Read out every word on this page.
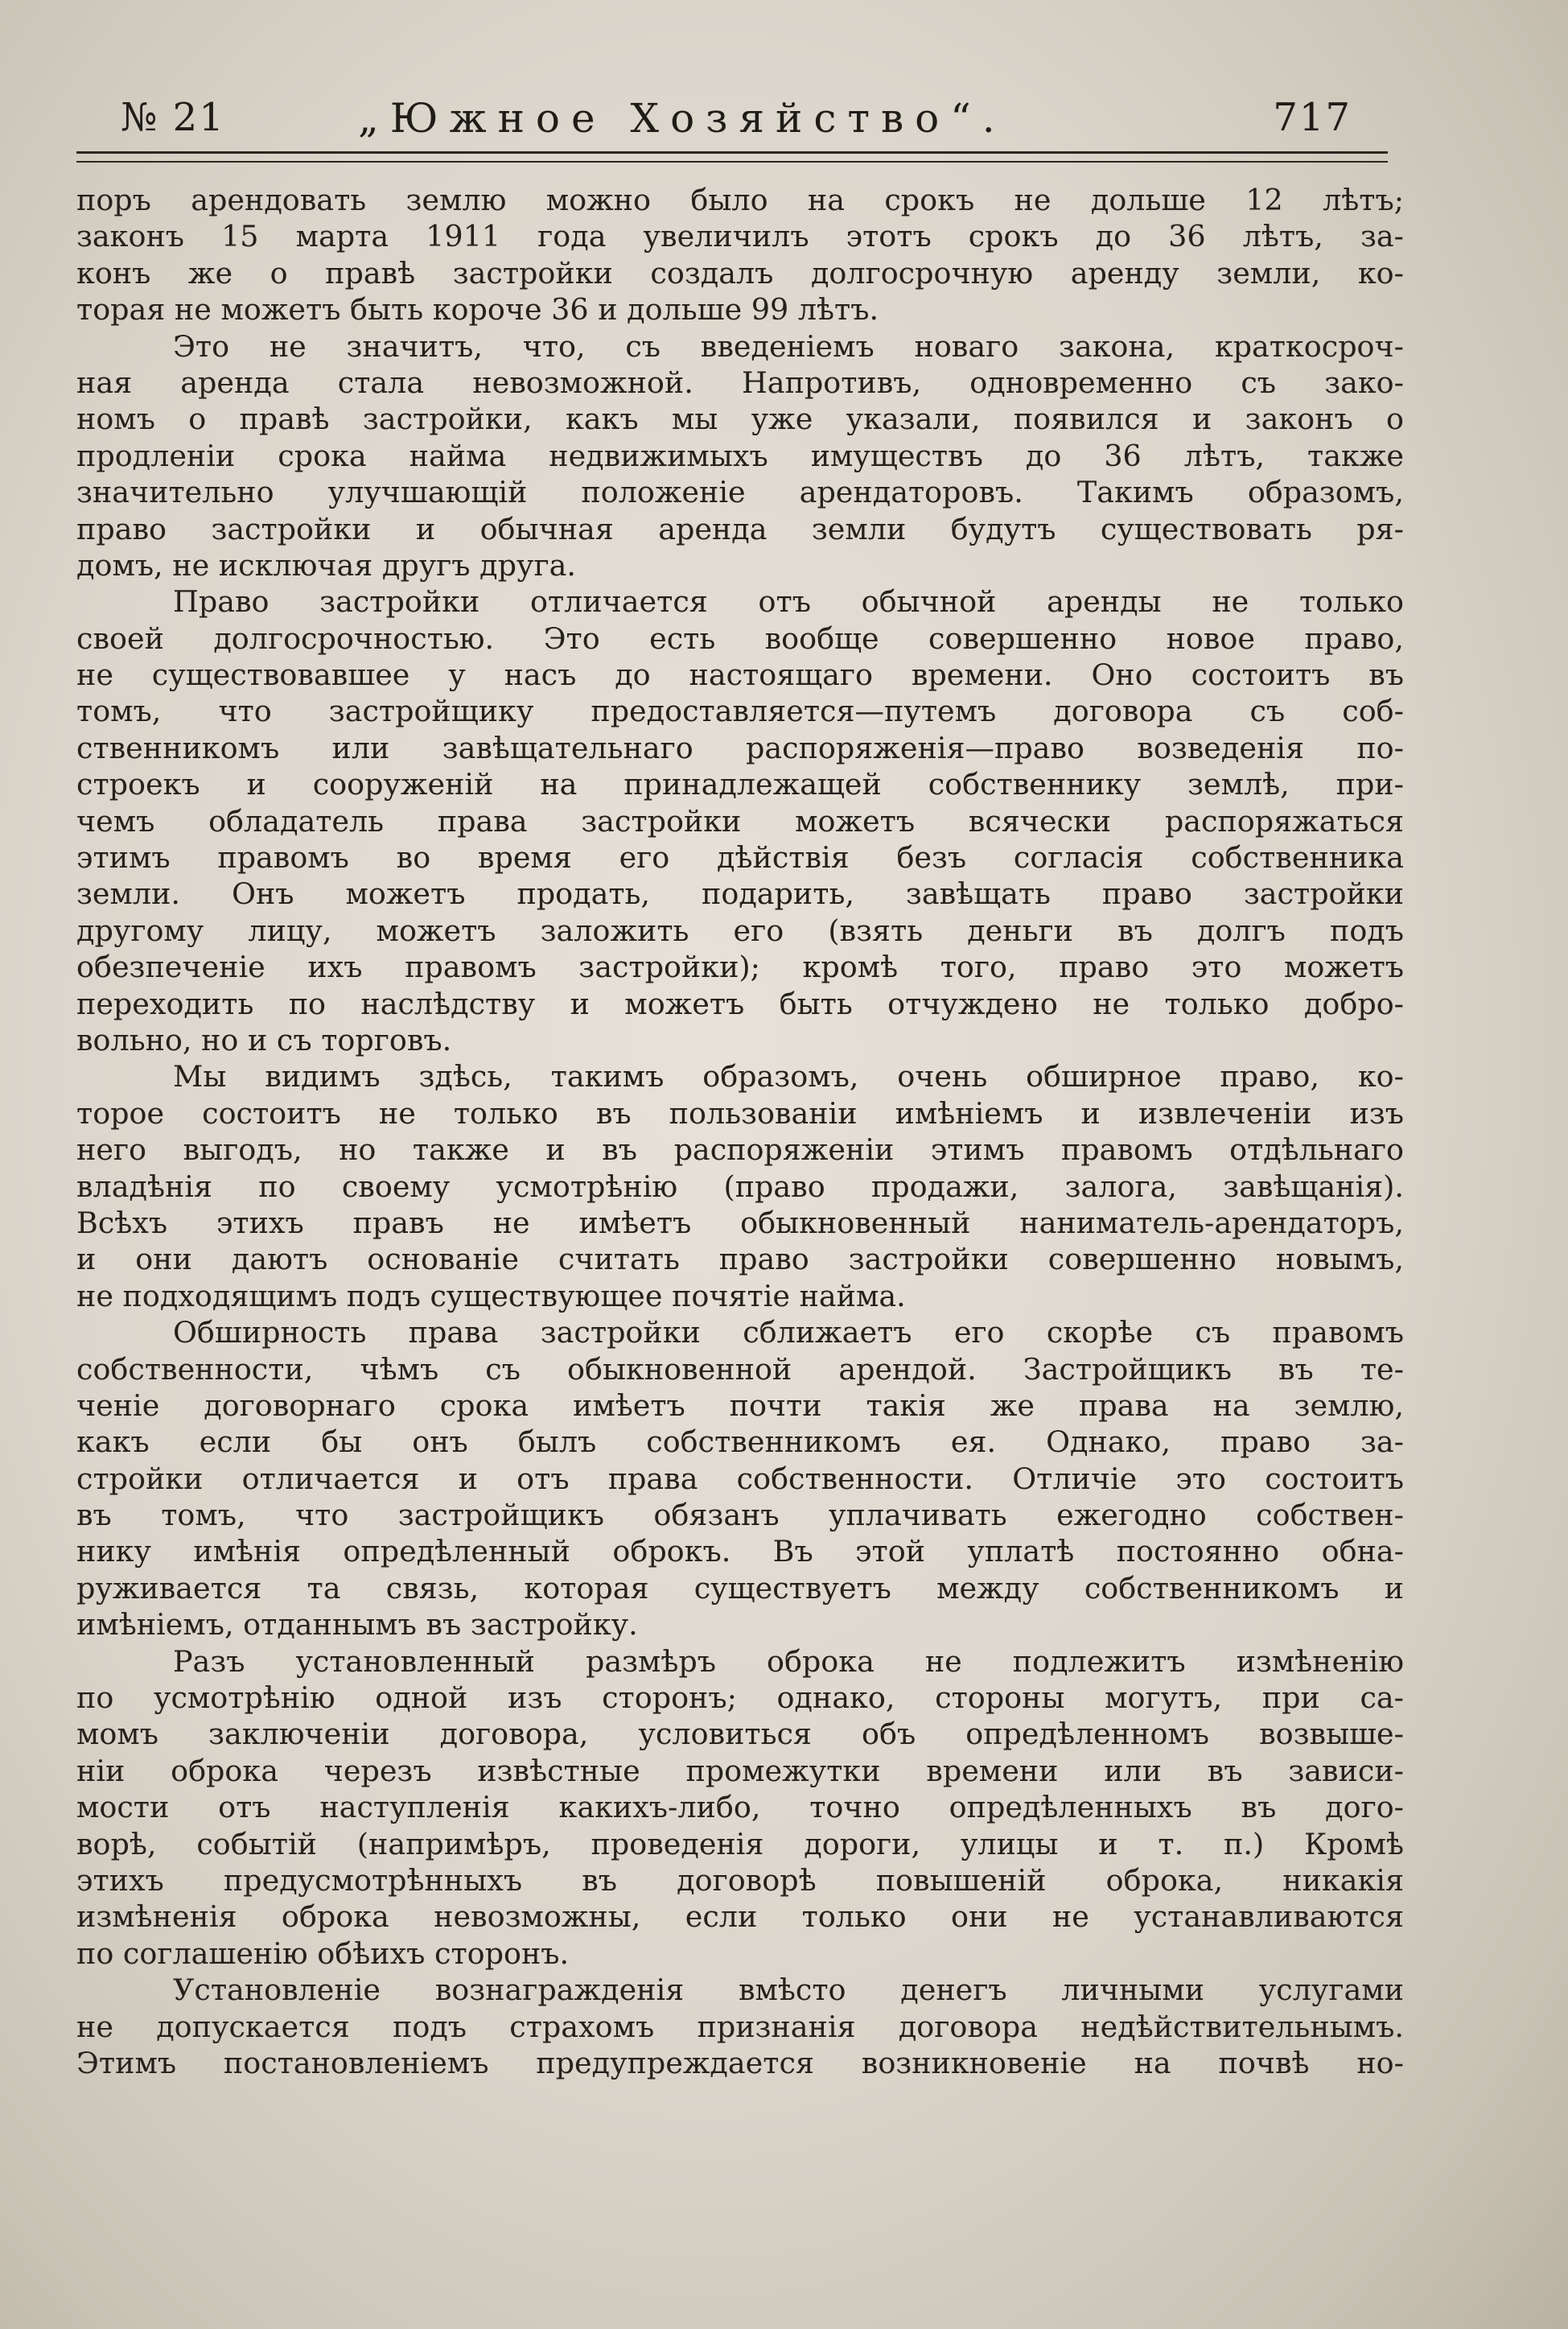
№ 21	„Южное Хозяйство“.	717
поръ арендовать землю можно было на срокъ не дольше 12 лѣтъ;
законъ 15 марта 1911 года увеличилъ этотъ срокъ до 36 лѣтъ, за-
конъ же о правѣ застройки создалъ долгосрочную аренду земли, ко-
торая не можетъ быть короче 36 и дольше 99 лѣтъ.
Это не значитъ, что, съ введеніемъ новаго закона, краткосроч-
ная аренда стала невозможной. Напротивъ, одновременно съ зако-
номъ о правѣ застройки, какъ мы уже указали, появился и законъ о
продленіи срока найма недвижимыхъ имуществъ до 36 лѣтъ, также
значительно улучшающій положеніе арендаторовъ. Такимъ образомъ,
право застройки и обычная аренда земли будутъ существовать ря-
домъ, не исключая другъ друга.
Право застройки отличается отъ обычной аренды не только
своей долгосрочностью. Это есть вообще совершенно новое право,
не существовавшее у насъ до настоящаго времени. Оно состоитъ въ
томъ, что застройщику предоставляется—путемъ договора съ соб-
ственникомъ или завѣщательнаго распоряженія—право возведенія по-
строекъ и сооруженій на принадлежащей собственнику землѣ, при-
чемъ обладатель права застройки можетъ всячески распоряжаться
этимъ правомъ во время его дѣйствія безъ согласія собственника
земли. Онъ можетъ продать, подарить, завѣщать право застройки
другому лицу, можетъ заложить его (взять деньги въ долгъ подъ
обезпеченіе ихъ правомъ застройки); кромѣ того, право это можетъ
переходить по наслѣдству и можетъ быть отчуждено не только добро-
вольно, но и съ торговъ.
Мы видимъ здѣсь, такимъ образомъ, очень обширное право, ко-
торое состоитъ не только въ пользованіи имѣніемъ и извлеченіи изъ
него выгодъ, но также и въ распоряженіи этимъ правомъ отдѣльнаго
владѣнія по своему усмотрѣнію (право продажи, залога, завѣщанія).
Всѣхъ этихъ правъ не имѣетъ обыкновенный наниматель-арендаторъ,
и они даютъ основаніе считать право застройки совершенно новымъ,
не подходящимъ подъ существующее почятіе найма.
Обширность права застройки сближаетъ его скорѣе съ правомъ
собственности, чѣмъ съ обыкновенной арендой. Застройщикъ въ те-
ченіе договорнаго срока имѣетъ почти такія же права на землю,
какъ если бы онъ былъ собственникомъ ея. Однако, право за-
стройки отличается и отъ права собственности. Отличіе это состоитъ
въ томъ, что застройщикъ обязанъ уплачивать ежегодно собствен-
нику имѣнія опредѣленный оброкъ. Въ этой уплатѣ постоянно обна-
руживается та связь, которая существуетъ между собственникомъ и
имѣніемъ, отданнымъ въ застройку.
Разъ установленный размѣръ оброка не подлежитъ измѣненію
по усмотрѣнію одной изъ сторонъ; однако, стороны могутъ, при са-
момъ заключеніи договора, условиться объ опредѣленномъ возвыше-
ніи оброка черезъ извѣстные промежутки времени или въ зависи-
мости отъ наступленія какихъ-либо, точно опредѣленныхъ въ дого-
ворѣ, событій (напримѣръ, проведенія дороги, улицы и т. п.) Кромѣ
этихъ предусмотрѣнныхъ въ договорѣ повышеній оброка, никакія
измѣненія оброка невозможны, если только они не устанавливаются
по соглашенію обѣихъ сторонъ.
Установленіе вознагражденія вмѣсто денегъ личными услугами
не допускается подъ страхомъ признанія договора недѣйствительнымъ.
Этимъ постановленіемъ предупреждается возникновеніе на почвѣ но-
